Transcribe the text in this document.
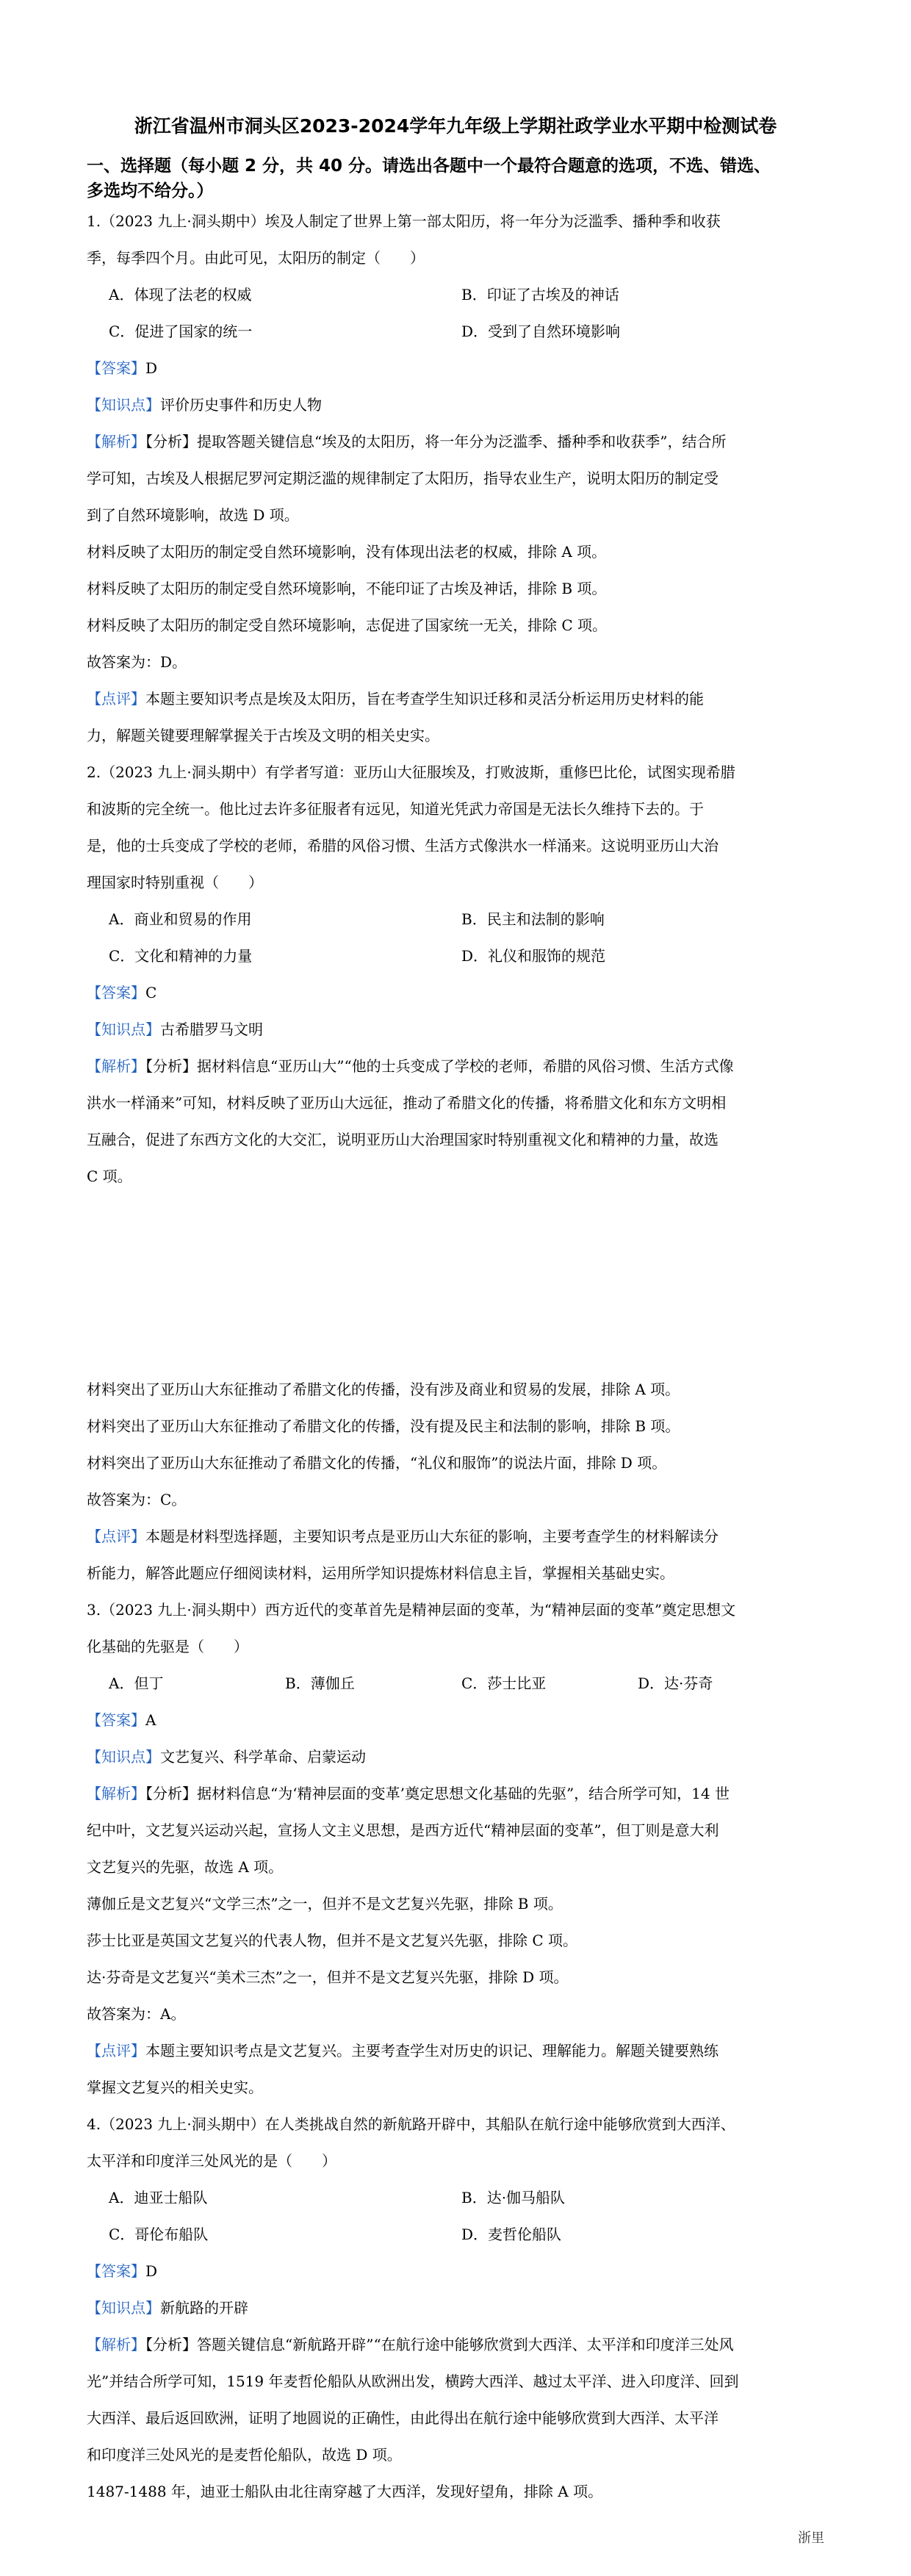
浙江省温州市洞头区2023-2024学年九年级上学期社政学业水平期中检测试卷
一、选择题（每小题 2 分，共 40 分。请选出各题中一个最符合题意的选项，不选、错选、
多选均不给分。）
1.（2023 九上·洞头期中）埃及人制定了世界上第一部太阳历，将一年分为泛滥季、播种季和收获
季，每季四个月。由此可见，太阳历的制定（　　）
A．体现了法老的权威	B．印证了古埃及的神话
C．促进了国家的统一	D．受到了自然环境影响
【答案】D
【知识点】评价历史事件和历史人物
【解析】【分析】提取答题关键信息“埃及的太阳历，将一年分为泛滥季、播种季和收获季”，结合所
学可知，古埃及人根据尼罗河定期泛滥的规律制定了太阳历，指导农业生产，说明太阳历的制定受
到了自然环境影响，故选 D 项。
材料反映了太阳历的制定受自然环境影响，没有体现出法老的权威，排除 A 项。
材料反映了太阳历的制定受自然环境影响，不能印证了古埃及神话，排除 B 项。
材料反映了太阳历的制定受自然环境影响，志促进了国家统一无关，排除 C 项。
故答案为：D。
【点评】本题主要知识考点是埃及太阳历，旨在考查学生知识迁移和灵活分析运用历史材料的能
力，解题关键要理解掌握关于古埃及文明的相关史实。
2.（2023 九上·洞头期中）有学者写道：亚历山大征服埃及，打败波斯，重修巴比伦，试图实现希腊
和波斯的完全统一。他比过去许多征服者有远见，知道光凭武力帝国是无法长久维持下去的。于
是，他的士兵变成了学校的老师，希腊的风俗习惯、生活方式像洪水一样涌来。这说明亚历山大治
理国家时特别重视（　　）
A．商业和贸易的作用	B．民主和法制的影响
C．文化和精神的力量	D．礼仪和服饰的规范
【答案】C
【知识点】古希腊罗马文明
【解析】【分析】据材料信息“亚历山大”“他的士兵变成了学校的老师，希腊的风俗习惯、生活方式像
洪水一样涌来”可知，材料反映了亚历山大远征，推动了希腊文化的传播，将希腊文化和东方文明相
互融合，促进了东西方文化的大交汇，说明亚历山大治理国家时特别重视文化和精神的力量，故选
C 项。
材料突出了亚历山大东征推动了希腊文化的传播，没有涉及商业和贸易的发展，排除 A 项。
材料突出了亚历山大东征推动了希腊文化的传播，没有提及民主和法制的影响，排除 B 项。
材料突出了亚历山大东征推动了希腊文化的传播，“礼仪和服饰”的说法片面，排除 D 项。
故答案为：C。
【点评】本题是材料型选择题，主要知识考点是亚历山大东征的影响，主要考查学生的材料解读分
析能力，解答此题应仔细阅读材料，运用所学知识提炼材料信息主旨，掌握相关基础史实。
3.（2023 九上·洞头期中）西方近代的变革首先是精神层面的变革，为“精神层面的变革”奠定思想文
化基础的先驱是（　　）
A．但丁	B．薄伽丘	C．莎士比亚	D．达·芬奇
【答案】A
【知识点】文艺复兴、科学革命、启蒙运动
【解析】【分析】据材料信息“为‘精神层面的变革’奠定思想文化基础的先驱”，结合所学可知，14 世
纪中叶，文艺复兴运动兴起，宣扬人文主义思想，是西方近代“精神层面的变革”，但丁则是意大利
文艺复兴的先驱，故选 A 项。
薄伽丘是文艺复兴“文学三杰”之一，但并不是文艺复兴先驱，排除 B 项。
莎士比亚是英国文艺复兴的代表人物，但并不是文艺复兴先驱，排除 C 项。
达·芬奇是文艺复兴“美术三杰”之一，但并不是文艺复兴先驱，排除 D 项。
故答案为：A。
【点评】本题主要知识考点是文艺复兴。主要考查学生对历史的识记、理解能力。解题关键要熟练
掌握文艺复兴的相关史实。
4.（2023 九上·洞头期中）在人类挑战自然的新航路开辟中，其船队在航行途中能够欣赏到大西洋、
太平洋和印度洋三处风光的是（　　）
A．迪亚士船队	B．达·伽马船队
C．哥伦布船队	D．麦哲伦船队
【答案】D
【知识点】新航路的开辟
【解析】【分析】答题关键信息“新航路开辟”“在航行途中能够欣赏到大西洋、太平洋和印度洋三处风
光”并结合所学可知，1519 年麦哲伦船队从欧洲出发，横跨大西洋、越过太平洋、进入印度洋、回到
大西洋、最后返回欧洲，证明了地圆说的正确性，由此得出在航行途中能够欣赏到大西洋、太平洋
和印度洋三处风光的是麦哲伦船队，故选 D 项。
1487-1488 年，迪亚士船队由北往南穿越了大西洋，发现好望角，排除 A 项。
浙里
